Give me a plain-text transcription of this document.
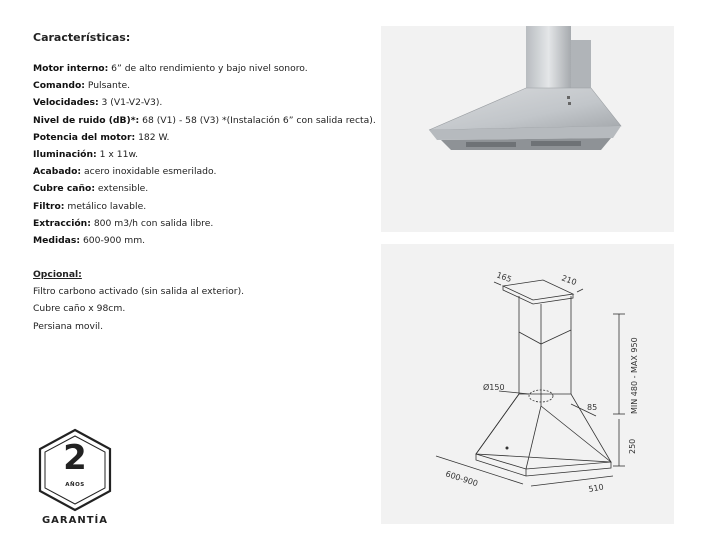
Características:
Motor interno: 6” de alto rendimiento y bajo nivel sonoro.
Comando: Pulsante.
Velocidades: 3 (V1-V2-V3).
Nivel de ruido (dB)*: 68 (V1) - 58 (V3) *(Instalación 6” con salida recta).
Potencia del motor: 182 W.
Iluminación: 1 x 11w.
Acabado: acero inoxidable esmerilado.
Cubre caño: extensible.
Filtro: metálico lavable.
Extracción: 800 m3/h con salida libre.
Medidas: 600-900 mm.
Opcional:
Filtro carbono activado (sin salida al exterior).
Cubre caño x 98cm.
Persiana movil.
2
AÑOS
GARANTÍA
165	210
MIN 480 - MAX 950
Ø150
85
250
600-900	510
